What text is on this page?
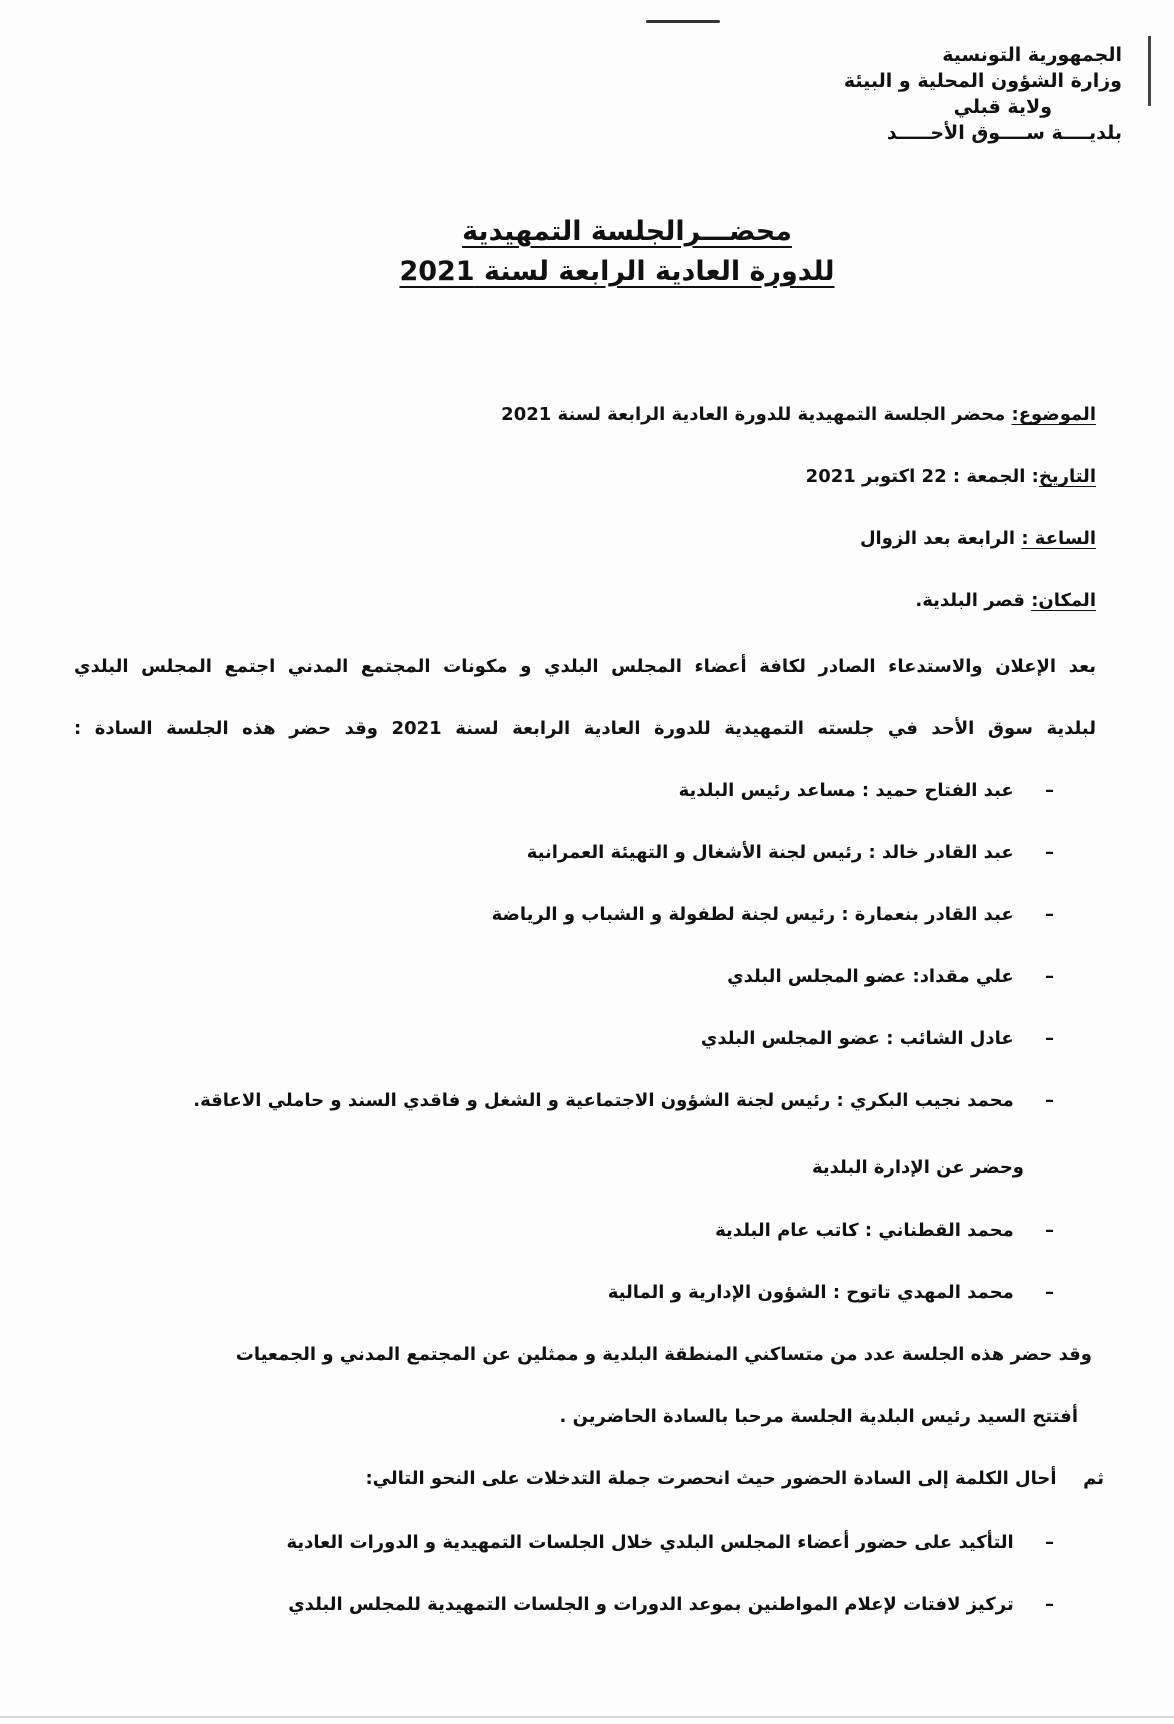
الجمهورية التونسية
وزارة الشؤون المحلية و البيئة
ولاية قبلي
بلديــــة ســــوق الأحـــــد
محضـــرالجلسة التمهيدية
للدورة العادية الرابعة لسنة 2021
الموضوع: محضر الجلسة التمهيدية للدورة العادية الرابعة لسنة 2021
التاريخ: الجمعة : 22 اكتوبر 2021
الساعة : الرابعة بعد الزوال
المكان: قصر البلدية.
بعد الإعلان والاستدعاء الصادر لكافة أعضاء المجلس البلدي و مكونات المجتمع المدني اجتمع المجلس البلدي
لبلدية سوق الأحد في جلسته التمهيدية للدورة العادية الرابعة لسنة 2021 وقد حضر هذه الجلسة السادة :
– عبد الفتاح حميد : مساعد رئيس البلدية
– عبد القادر خالد : رئيس لجنة الأشغال و التهيئة العمرانية
– عبد القادر بنعمارة : رئيس لجنة لطفولة و الشباب و الرياضة
– علي مقداد: عضو المجلس البلدي
– عادل الشائب : عضو المجلس البلدي
– محمد نجيب البكري : رئيس لجنة الشؤون الاجتماعية و الشغل و فاقدي السند و حاملي الاعاقة.
وحضر عن الإدارة البلدية
– محمد القطناني : كاتب عام البلدية
– محمد المهدي تاتوح : الشؤون الإدارية و المالية
وقد حضر هذه الجلسة عدد من متساكني المنطقة البلدية و ممثلين عن المجتمع المدني و الجمعيات
أفتتح السيد رئيس البلدية الجلسة مرحبا بالسادة الحاضرين .
ثم  أحال الكلمة إلى السادة الحضور حيث انحصرت جملة التدخلات على النحو التالي:
– التأكيد على حضور أعضاء المجلس البلدي خلال الجلسات التمهيدية و الدورات العادية
– تركيز لافتات لإعلام المواطنين بموعد الدورات و الجلسات التمهيدية للمجلس البلدي
